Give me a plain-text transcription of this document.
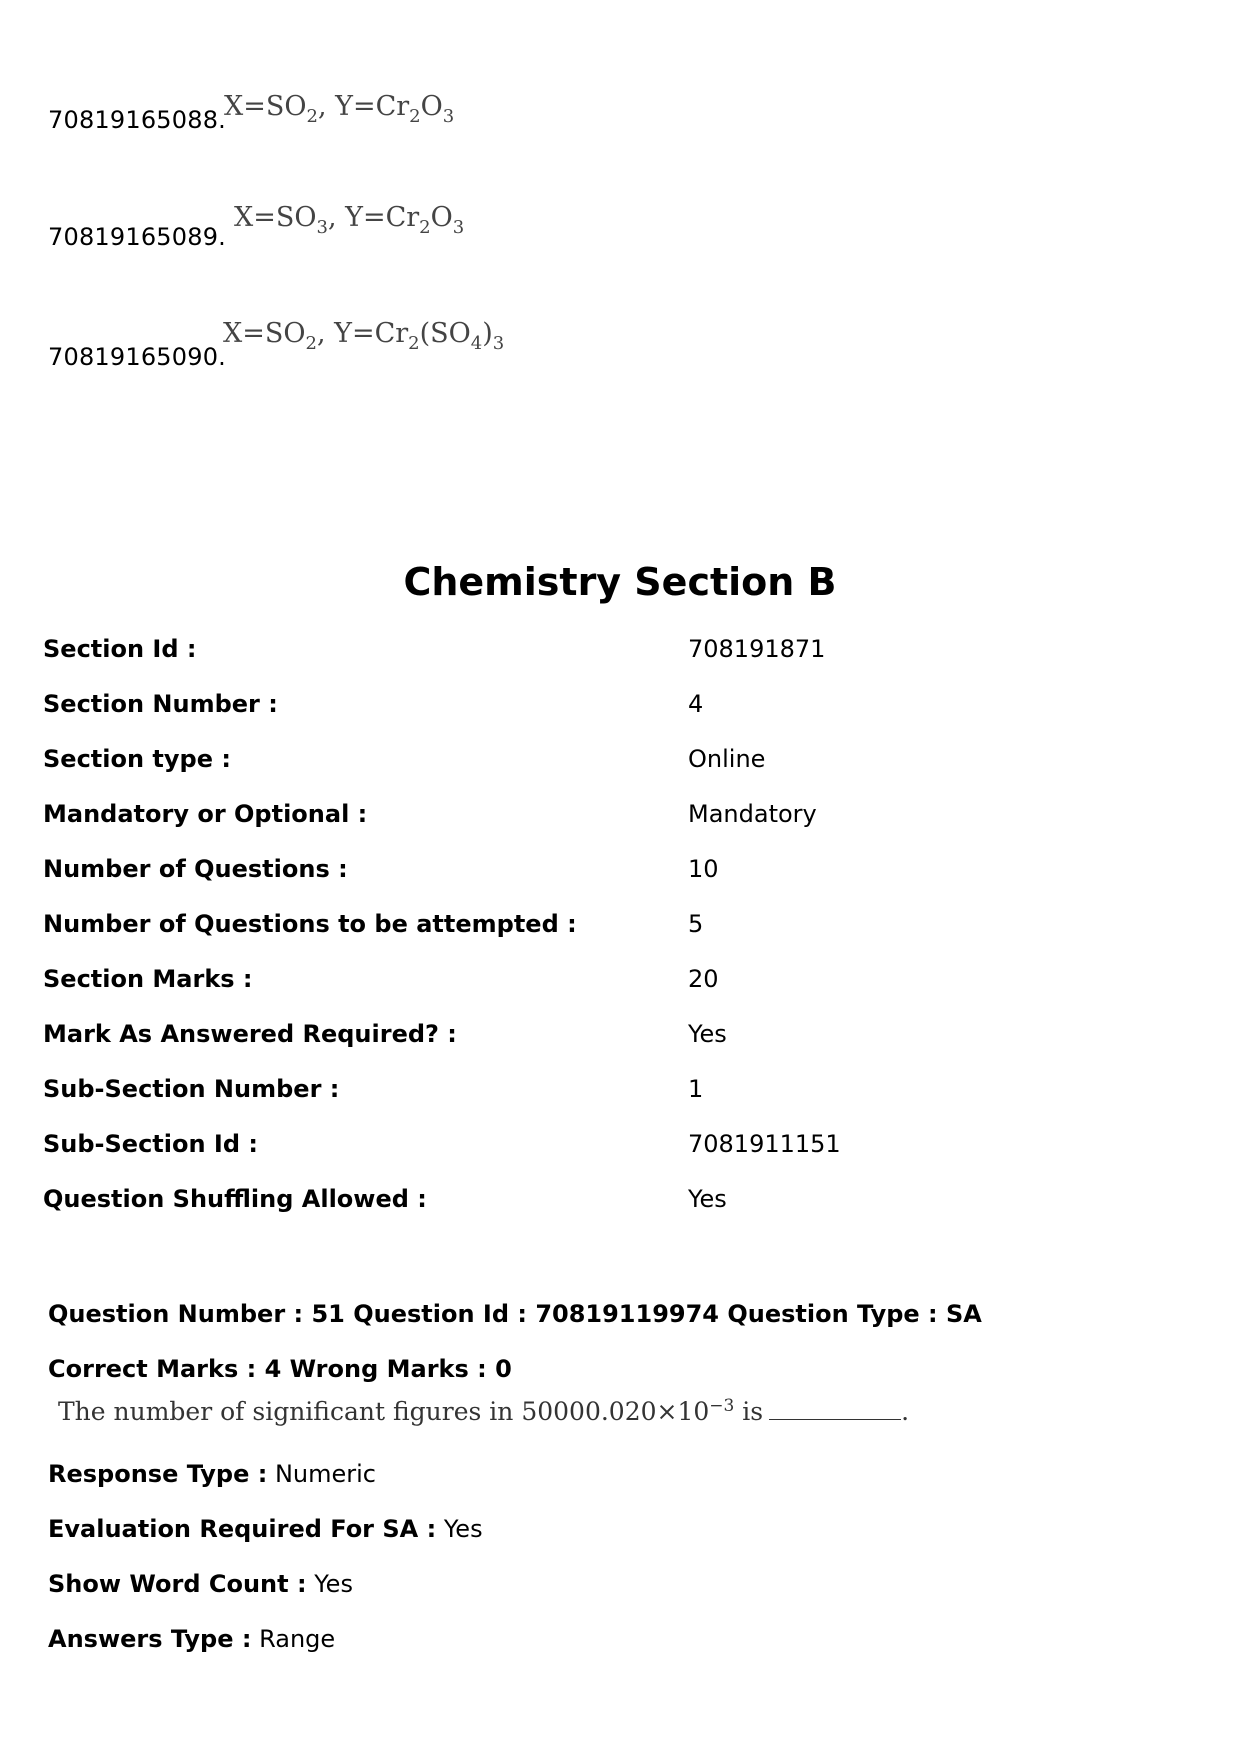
70819165088.
$X=SO_2$, $Y=Cr_2O_3$
70819165089.
$X=SO_3$, $Y=Cr_2O_3$
70819165090.
$X=SO_2$, $Y=Cr_2(SO_4)_3$
Chemistry Section B
Section Id :	708191871
Section Number :	4
Section type :	Online
Mandatory or Optional :	Mandatory
Number of Questions :	10
Number of Questions to be attempted :	5
Section Marks :	20
Mark As Answered Required? :	Yes
Sub-Section Number :	1
Sub-Section Id :	7081911151
Question Shuffling Allowed :	Yes
Question Number : 51 Question Id : 70819119974 Question Type : SA
Correct Marks : 4 Wrong Marks : 0
The number of significant figures in $50000.020\times 10^{-3}$ is	.
Response Type : Numeric
Evaluation Required For SA : Yes
Show Word Count : Yes
Answers Type : Range
